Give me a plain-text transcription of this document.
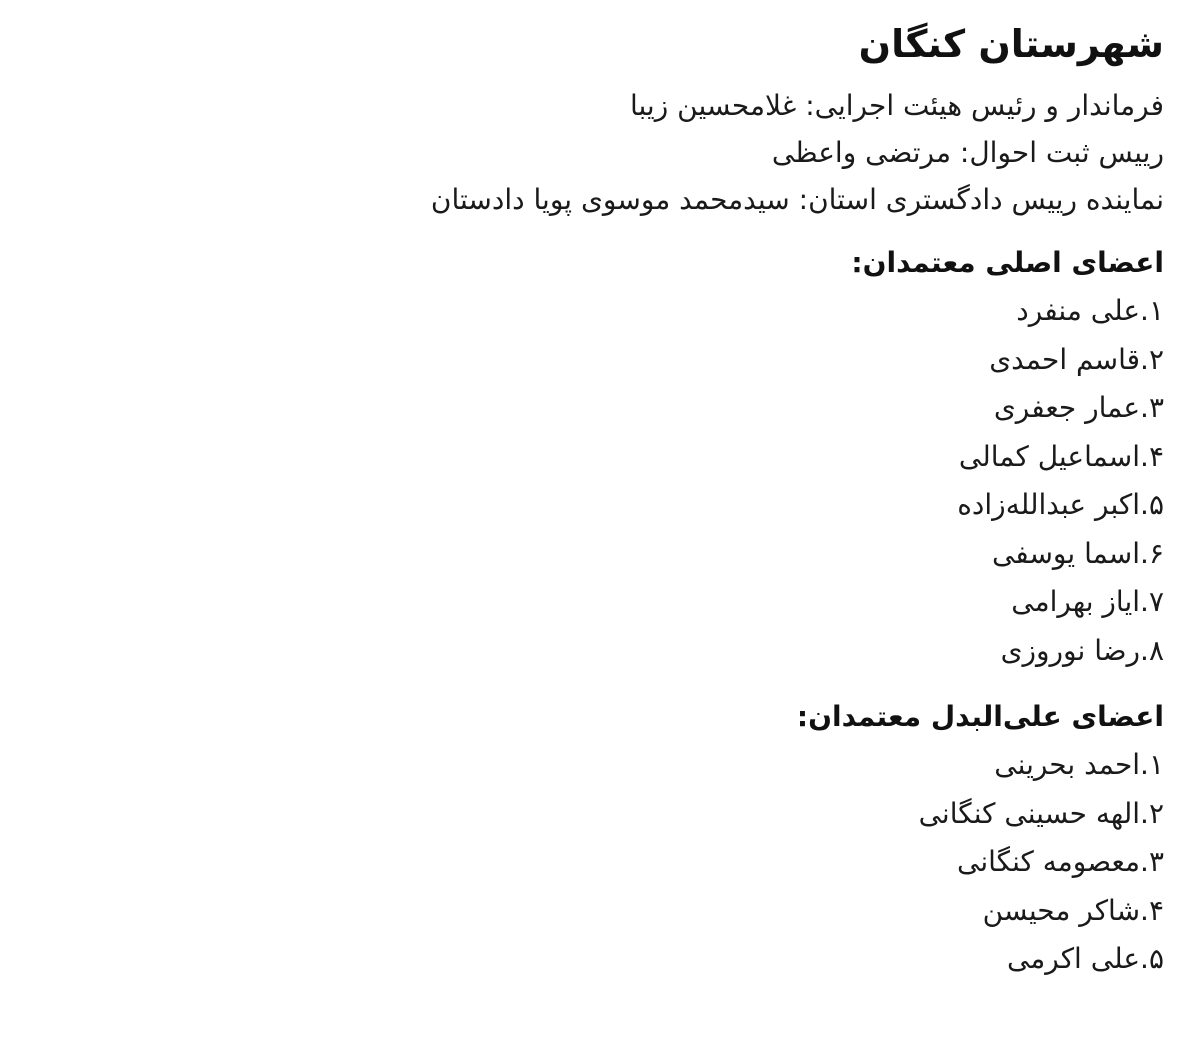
شهرستان کنگان

فرماندار و رئیس هیئت اجرایی: غلامحسین زیبا

رییس ثبت احوال: مرتضی واعظی

نماینده رییس دادگستری استان: سیدمحمد موسوی پویا دادستان

اعضای اصلی معتمدان:
۱.علی منفرد
۲.قاسم احمدی
۳.عمار جعفری
۴.اسماعیل کمالی
۵.اکبر عبدالله‌زاده
۶.اسما یوسفی
۷.ایاز بهرامی
۸.رضا نوروزی
اعضای علی‌البدل معتمدان:
۱.احمد بحرینی
۲.الهه حسینی کنگانی
۳.معصومه کنگانی
۴.شاکر محیسن
۵.علی اکرمی
